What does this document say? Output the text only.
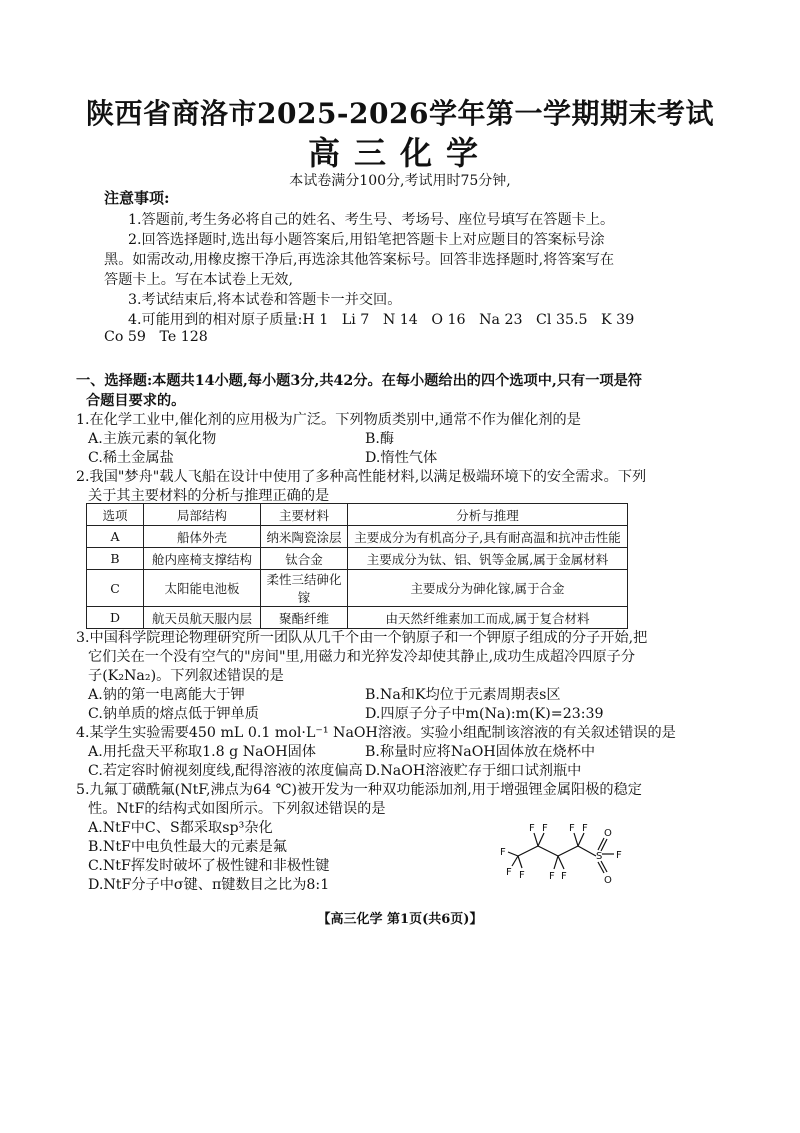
陕西省商洛市2025-2026学年第一学期期末考试
高三化学
本试卷满分100分,考试用时75分钟,
注意事项:
1.答题前,考生务必将自己的姓名、考生号、考场号、座位号填写在答题卡上。
2.回答选择题时,选出每小题答案后,用铅笔把答题卡上对应题目的答案标号涂
黑。如需改动,用橡皮擦干净后,再选涂其他答案标号。回答非选择题时,将答案写在
答题卡上。写在本试卷上无效,
3.考试结束后,将本试卷和答题卡一并交回。
4.可能用到的相对原子质量:H 1   Li 7   N 14   O 16   Na 23   Cl 35.5   K 39
Co 59   Te 128
一、选择题:本题共14小题,每小题3分,共42分。在每小题给出的四个选项中,只有一项是符
合题目要求的。
1.在化学工业中,催化剂的应用极为广泛。下列物质类别中,通常不作为催化剂的是
A.主族元素的氧化物	B.酶
C.稀土金属盐	D.惰性气体
2.我国"梦舟"载人飞船在设计中使用了多种高性能材料,以满足极端环境下的安全需求。下列
关于其主要材料的分析与推理正确的是
选项	局部结构	主要材料	分析与推理
A	船体外壳	纳米陶瓷涂层	主要成分为有机高分子,具有耐高温和抗冲击性能
B	舱内座椅支撑结构	钛合金	主要成分为钛、铝、钒等金属,属于金属材料
C	太阳能电池板	柔性三结砷化镓	主要成分为砷化镓,属于合金
D	航天员航天服内层	聚酯纤维	由天然纤维素加工而成,属于复合材料
3.中国科学院理论物理研究所一团队从几千个由一个钠原子和一个钾原子组成的分子开始,把
它们关在一个没有空气的"房间"里,用磁力和光猝发冷却使其静止,成功生成超冷四原子分
子(K₂Na₂)。下列叙述错误的是
A.钠的第一电离能大于钾	B.Na和K均位于元素周期表s区
C.钠单质的熔点低于钾单质	D.四原子分子中m(Na):m(K)=23:39
4.某学生实验需要450 mL 0.1 mol·L⁻¹ NaOH溶液。实验小组配制该溶液的有关叙述错误的是
A.用托盘天平称取1.8 g NaOH固体	B.称量时应将NaOH固体放在烧杯中
C.若定容时俯视刻度线,配得溶液的浓度偏高 D.NaOH溶液贮存于细口试剂瓶中
5.九氟丁磺酰氟(NtF,沸点为64 ℃)被开发为一种双功能添加剂,用于增强锂金属阳极的稳定
性。NtF的结构式如图所示。下列叙述错误的是
A.NtF中C、S都采取sp³杂化
B.NtF中电负性最大的元素是氟
C.NtF挥发时破坏了极性键和非极性键
D.NtF分子中σ键、π键数目之比为8:1
F
F F
F F
F F
F F
S
O
O
F
【高三化学 第1页(共6页)】
